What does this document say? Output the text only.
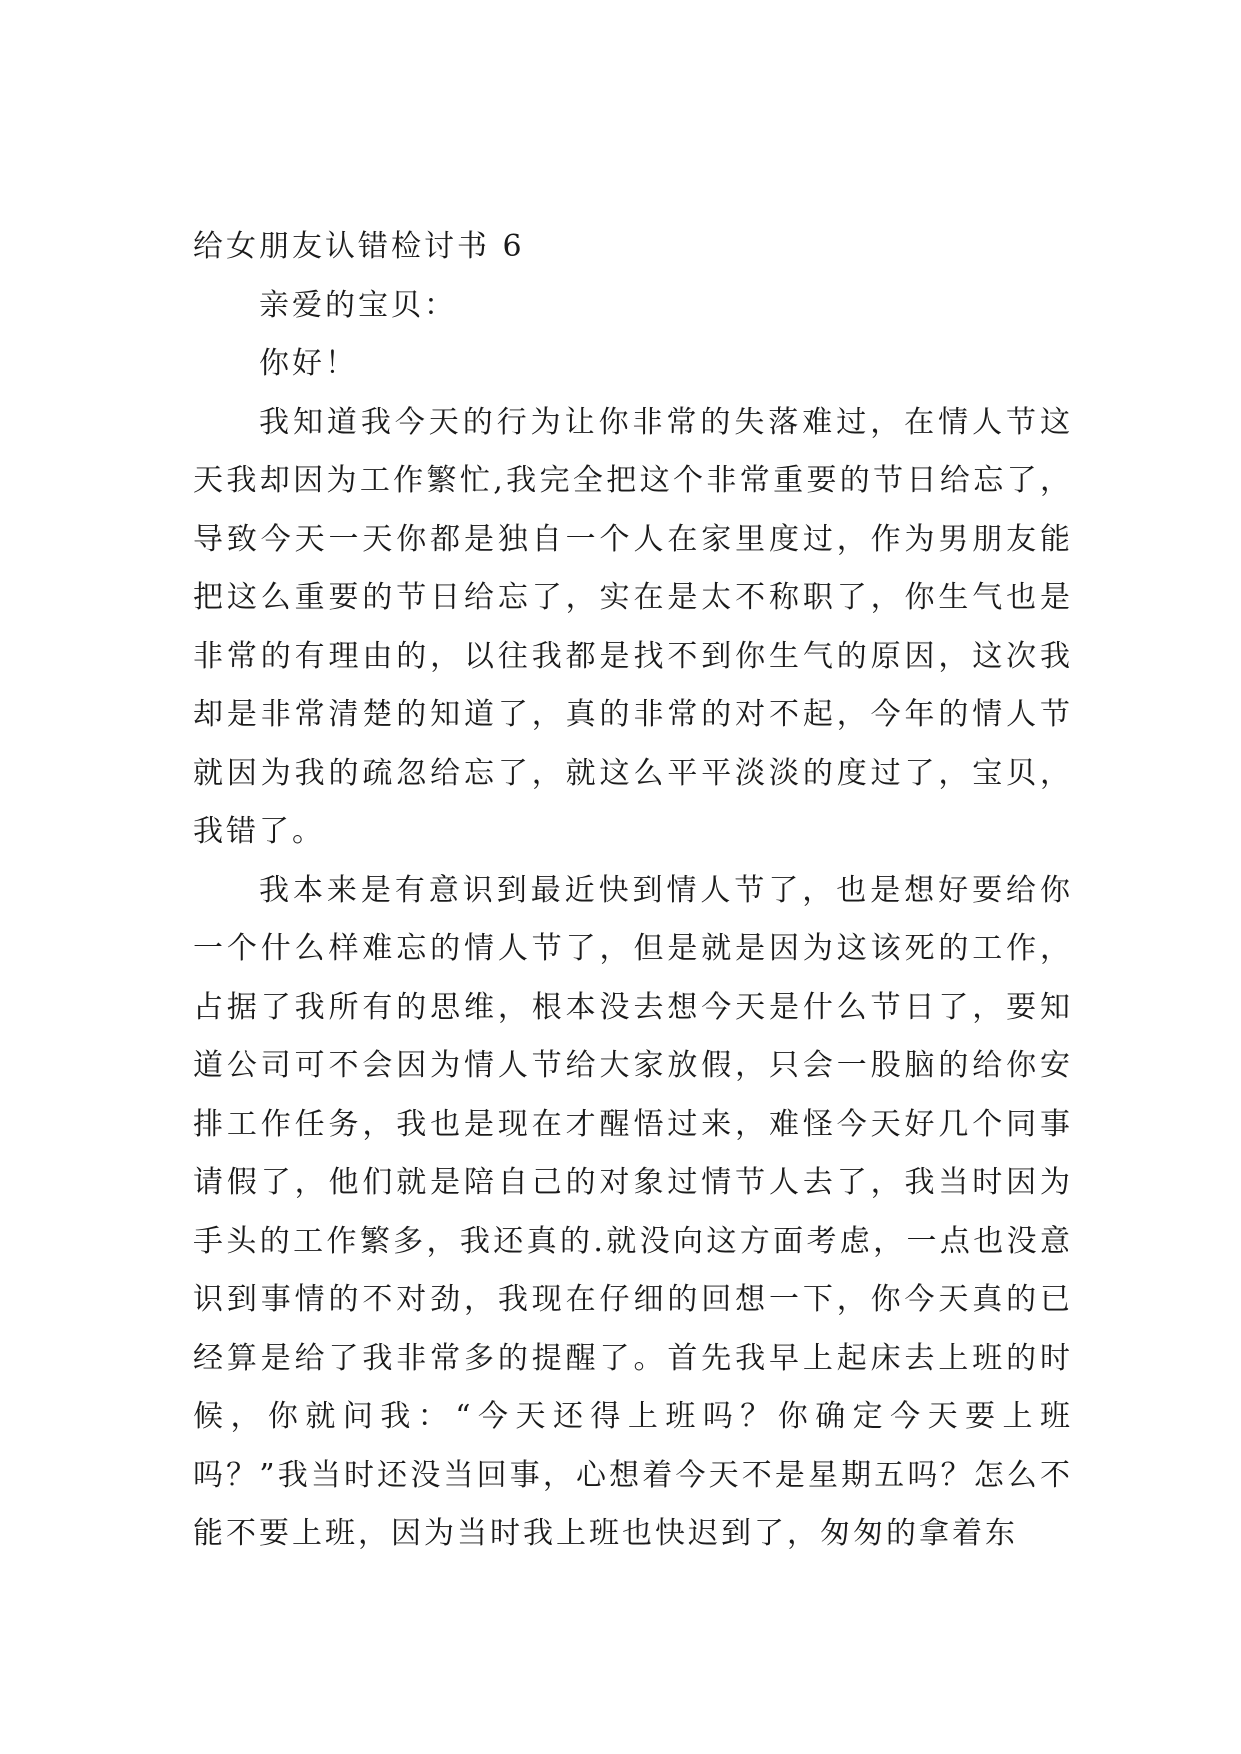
给女朋友认错检讨书 6

亲爱的宝贝：

你好！

我知道我今天的行为让你非常的失落难过，在情人节这天我却因为工作繁忙,我完全把这个非常重要的节日给忘了，导致今天一天你都是独自一个人在家里度过，作为男朋友能把这么重要的节日给忘了，实在是太不称职了，你生气也是非常的有理由的，以往我都是找不到你生气的原因，这次我却是非常清楚的知道了，真的非常的对不起，今年的情人节就因为我的疏忽给忘了，就这么平平淡淡的度过了，宝贝，我错了。

我本来是有意识到最近快到情人节了，也是想好要给你一个什么样难忘的情人节了，但是就是因为这该死的工作，占据了我所有的思维，根本没去想今天是什么节日了，要知道公司可不会因为情人节给大家放假，只会一股脑的给你安排工作任务，我也是现在才醒悟过来，难怪今天好几个同事请假了，他们就是陪自己的对象过情节人去了，我当时因为手头的工作繁多，我还真的.就没向这方面考虑，一点也没意识到事情的不对劲，我现在仔细的回想一下，你今天真的已经算是给了我非常多的提醒了。首先我早上起床去上班的时候，你就问我：“今天还得上班吗？你确定今天要上班吗？”我当时还没当回事，心想着今天不是星期五吗？怎么不能不要上班，因为当时我上班也快迟到了，匆匆的拿着东
